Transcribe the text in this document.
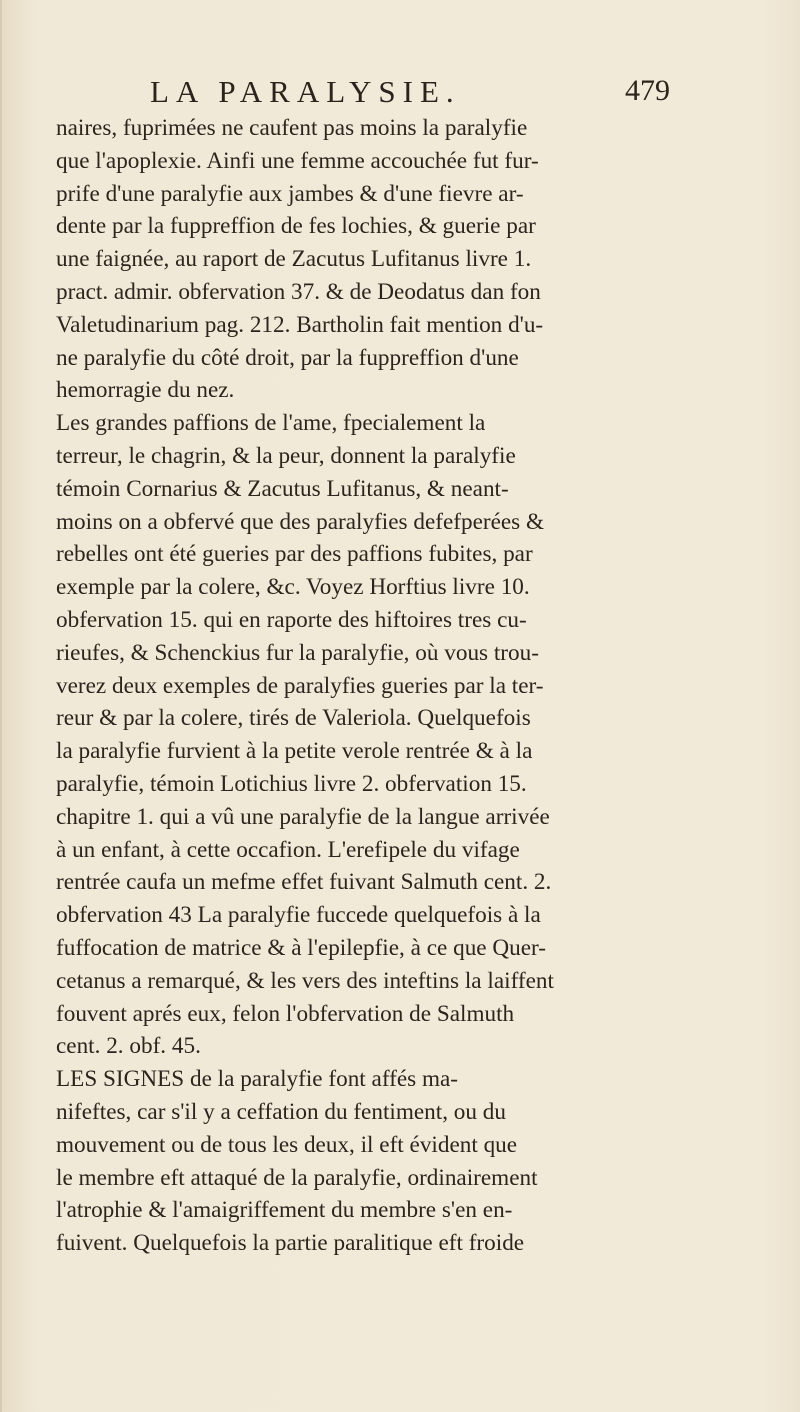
LA PARALYSIE.	479
naires, fuprimées ne caufent pas moins la paralyfie
que l'apoplexie. Ainfi une femme accouchée fut fur-
prife d'une paralyfie aux jambes & d'une fievre ar-
dente par la fuppreffion de fes lochies, & guerie par
une faignée, au raport de Zacutus Lufitanus livre 1.
pract. admir. obfervation 37. & de Deodatus dan fon
Valetudinarium pag. 212. Bartholin fait mention d'u-
ne paralyfie du côté droit, par la fuppreffion d'une
hemorragie du nez.
Les grandes paffions de l'ame, fpecialement la
terreur, le chagrin, & la peur, donnent la paralyfie
témoin Cornarius & Zacutus Lufitanus, & neant-
moins on a obfervé que des paralyfies defefperées &
rebelles ont été gueries par des paffions fubites, par
exemple par la colere, &c. Voyez Horftius livre 10.
obfervation 15. qui en raporte des hiftoires tres cu-
rieufes, & Schenckius fur la paralyfie, où vous trou-
verez deux exemples de paralyfies gueries par la ter-
reur & par la colere, tirés de Valeriola. Quelquefois
la paralyfie furvient à la petite verole rentrée & à la
paralyfie, témoin Lotichius livre 2. obfervation 15.
chapitre 1. qui a vû une paralyfie de la langue arrivée
à un enfant, à cette occafion. L'erefipele du vifage
rentrée caufa un mefme effet fuivant Salmuth cent. 2.
obfervation 43 La paralyfie fuccede quelquefois à la
fuffocation de matrice & à l'epilepfie, à ce que Quer-
cetanus a remarqué, & les vers des inteftins la laiffent
fouvent aprés eux, felon l'obfervation de Salmuth
cent. 2. obf. 45.
LES SIGNES de la paralyfie font affés ma-
nifeftes, car s'il y a ceffation du fentiment, ou du
mouvement ou de tous les deux, il eft évident que
le membre eft attaqué de la paralyfie, ordinairement
l'atrophie & l'amaigriffement du membre s'en en-
fuivent. Quelquefois la partie paralitique eft froide
